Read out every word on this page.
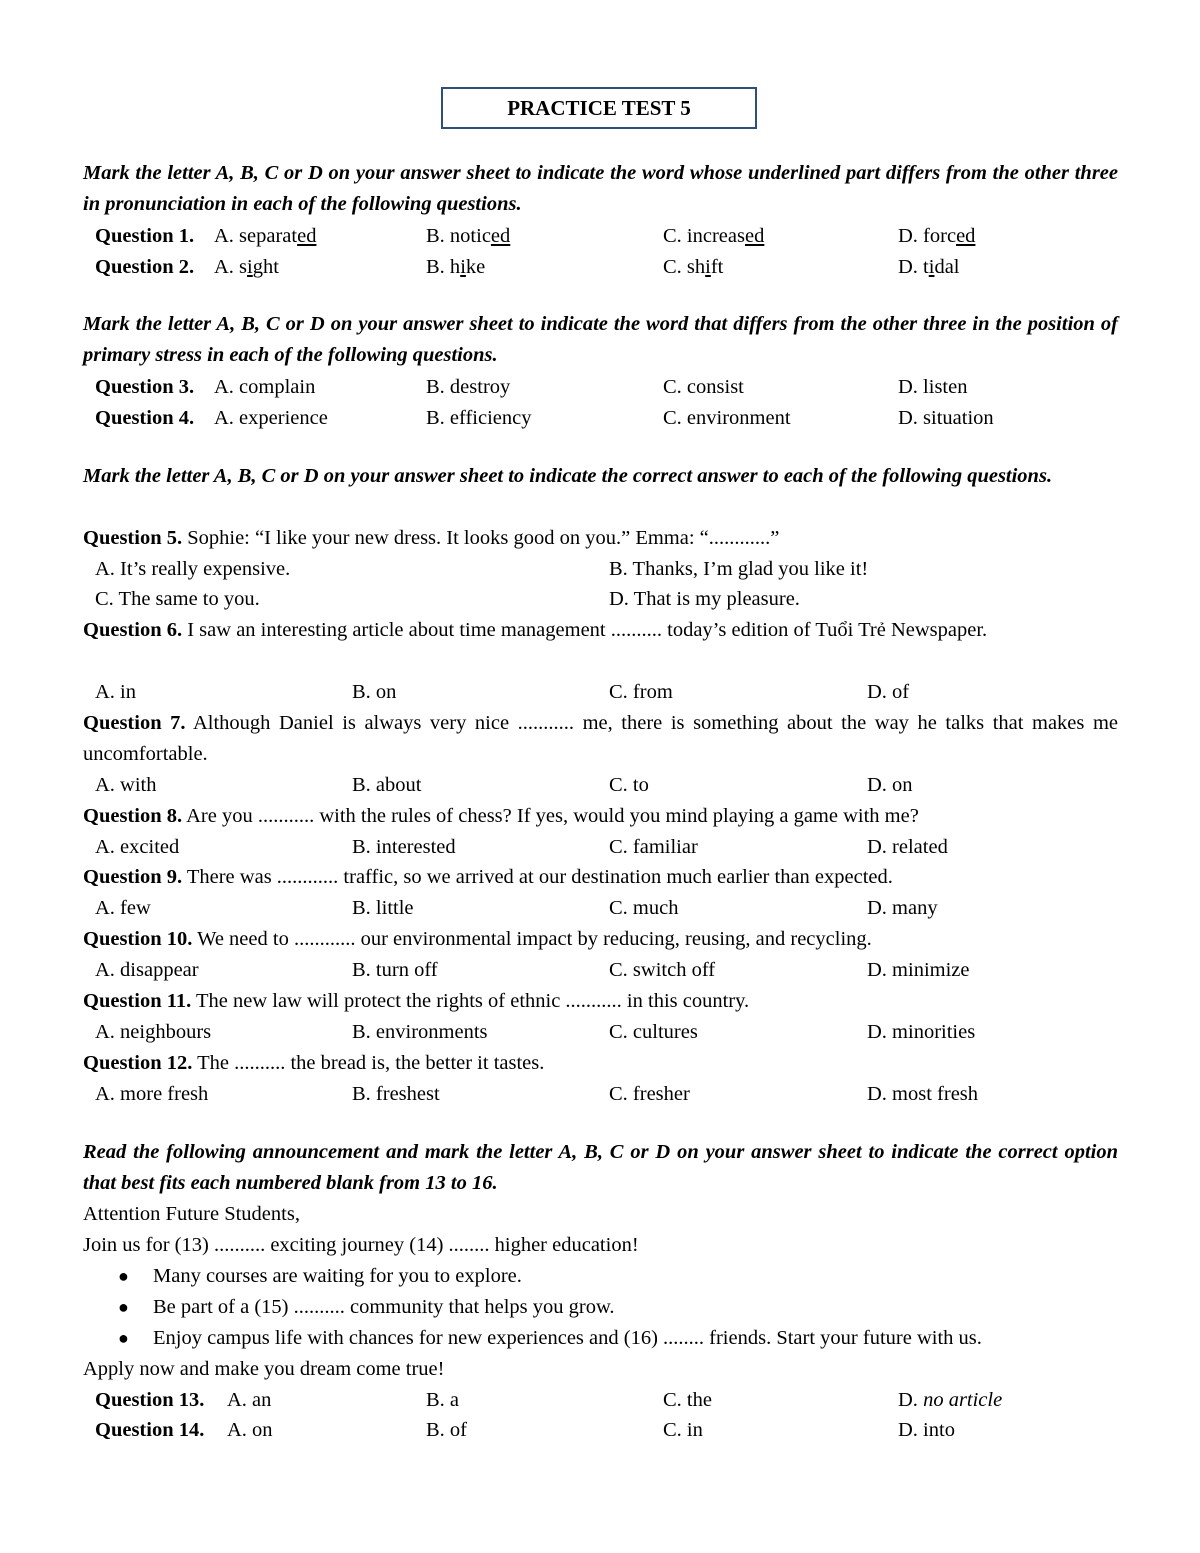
PRACTICE TEST 5
Mark the letter A, B, C or D on your answer sheet to indicate the word whose underlined part differs from the other three in pronunciation in each of the following questions.
Question 1. A. separated	B. noticed	C. increased	D. forced
Question 2. A. sight	B. hike	C. shift	D. tidal
Mark the letter A, B, C or D on your answer sheet to indicate the word that differs from the other three in the position of primary stress in each of the following questions.
Question 3. A. complain	B. destroy	C. consist	D. listen
Question 4. A. experience	B. efficiency	C. environment	D. situation
Mark the letter A, B, C or D on your answer sheet to indicate the correct answer to each of the following questions.
Question 5. Sophie: “I like your new dress. It looks good on you.” Emma: “............”
A. It’s really expensive.	B. Thanks, I’m glad you like it!
C. The same to you.	D. That is my pleasure.
Question 6. I saw an interesting article about time management .......... today’s edition of Tuổi Trẻ Newspaper.
A. in	B. on	C. from	D. of
Question 7. Although Daniel is always very nice ........... me, there is something about the way he talks that makes me uncomfortable.
A. with	B. about	C. to	D. on
Question 8. Are you ........... with the rules of chess? If yes, would you mind playing a game with me?
A. excited	B. interested	C. familiar	D. related
Question 9. There was ............ traffic, so we arrived at our destination much earlier than expected.
A. few	B. little	C. much	D. many
Question 10. We need to ............ our environmental impact by reducing, reusing, and recycling.
A. disappear	B. turn off	C. switch off	D. minimize
Question 11. The new law will protect the rights of ethnic ........... in this country.
A. neighbours	B. environments	C. cultures	D. minorities
Question 12. The .......... the bread is, the better it tastes.
A. more fresh	B. freshest	C. fresher	D. most fresh
Read the following announcement and mark the letter A, B, C or D on your answer sheet to indicate the correct option that best fits each numbered blank from 13 to 16.
Attention Future Students,
Join us for (13) .......... exciting journey (14) ........ higher education!
● Many courses are waiting for you to explore.
● Be part of a (15) .......... community that helps you grow.
● Enjoy campus life with chances for new experiences and (16) ........ friends. Start your future with us.
Apply now and make you dream come true!
Question 13. A. an	B. a	C. the	D. no article
Question 14. A. on	B. of	C. in	D. into
